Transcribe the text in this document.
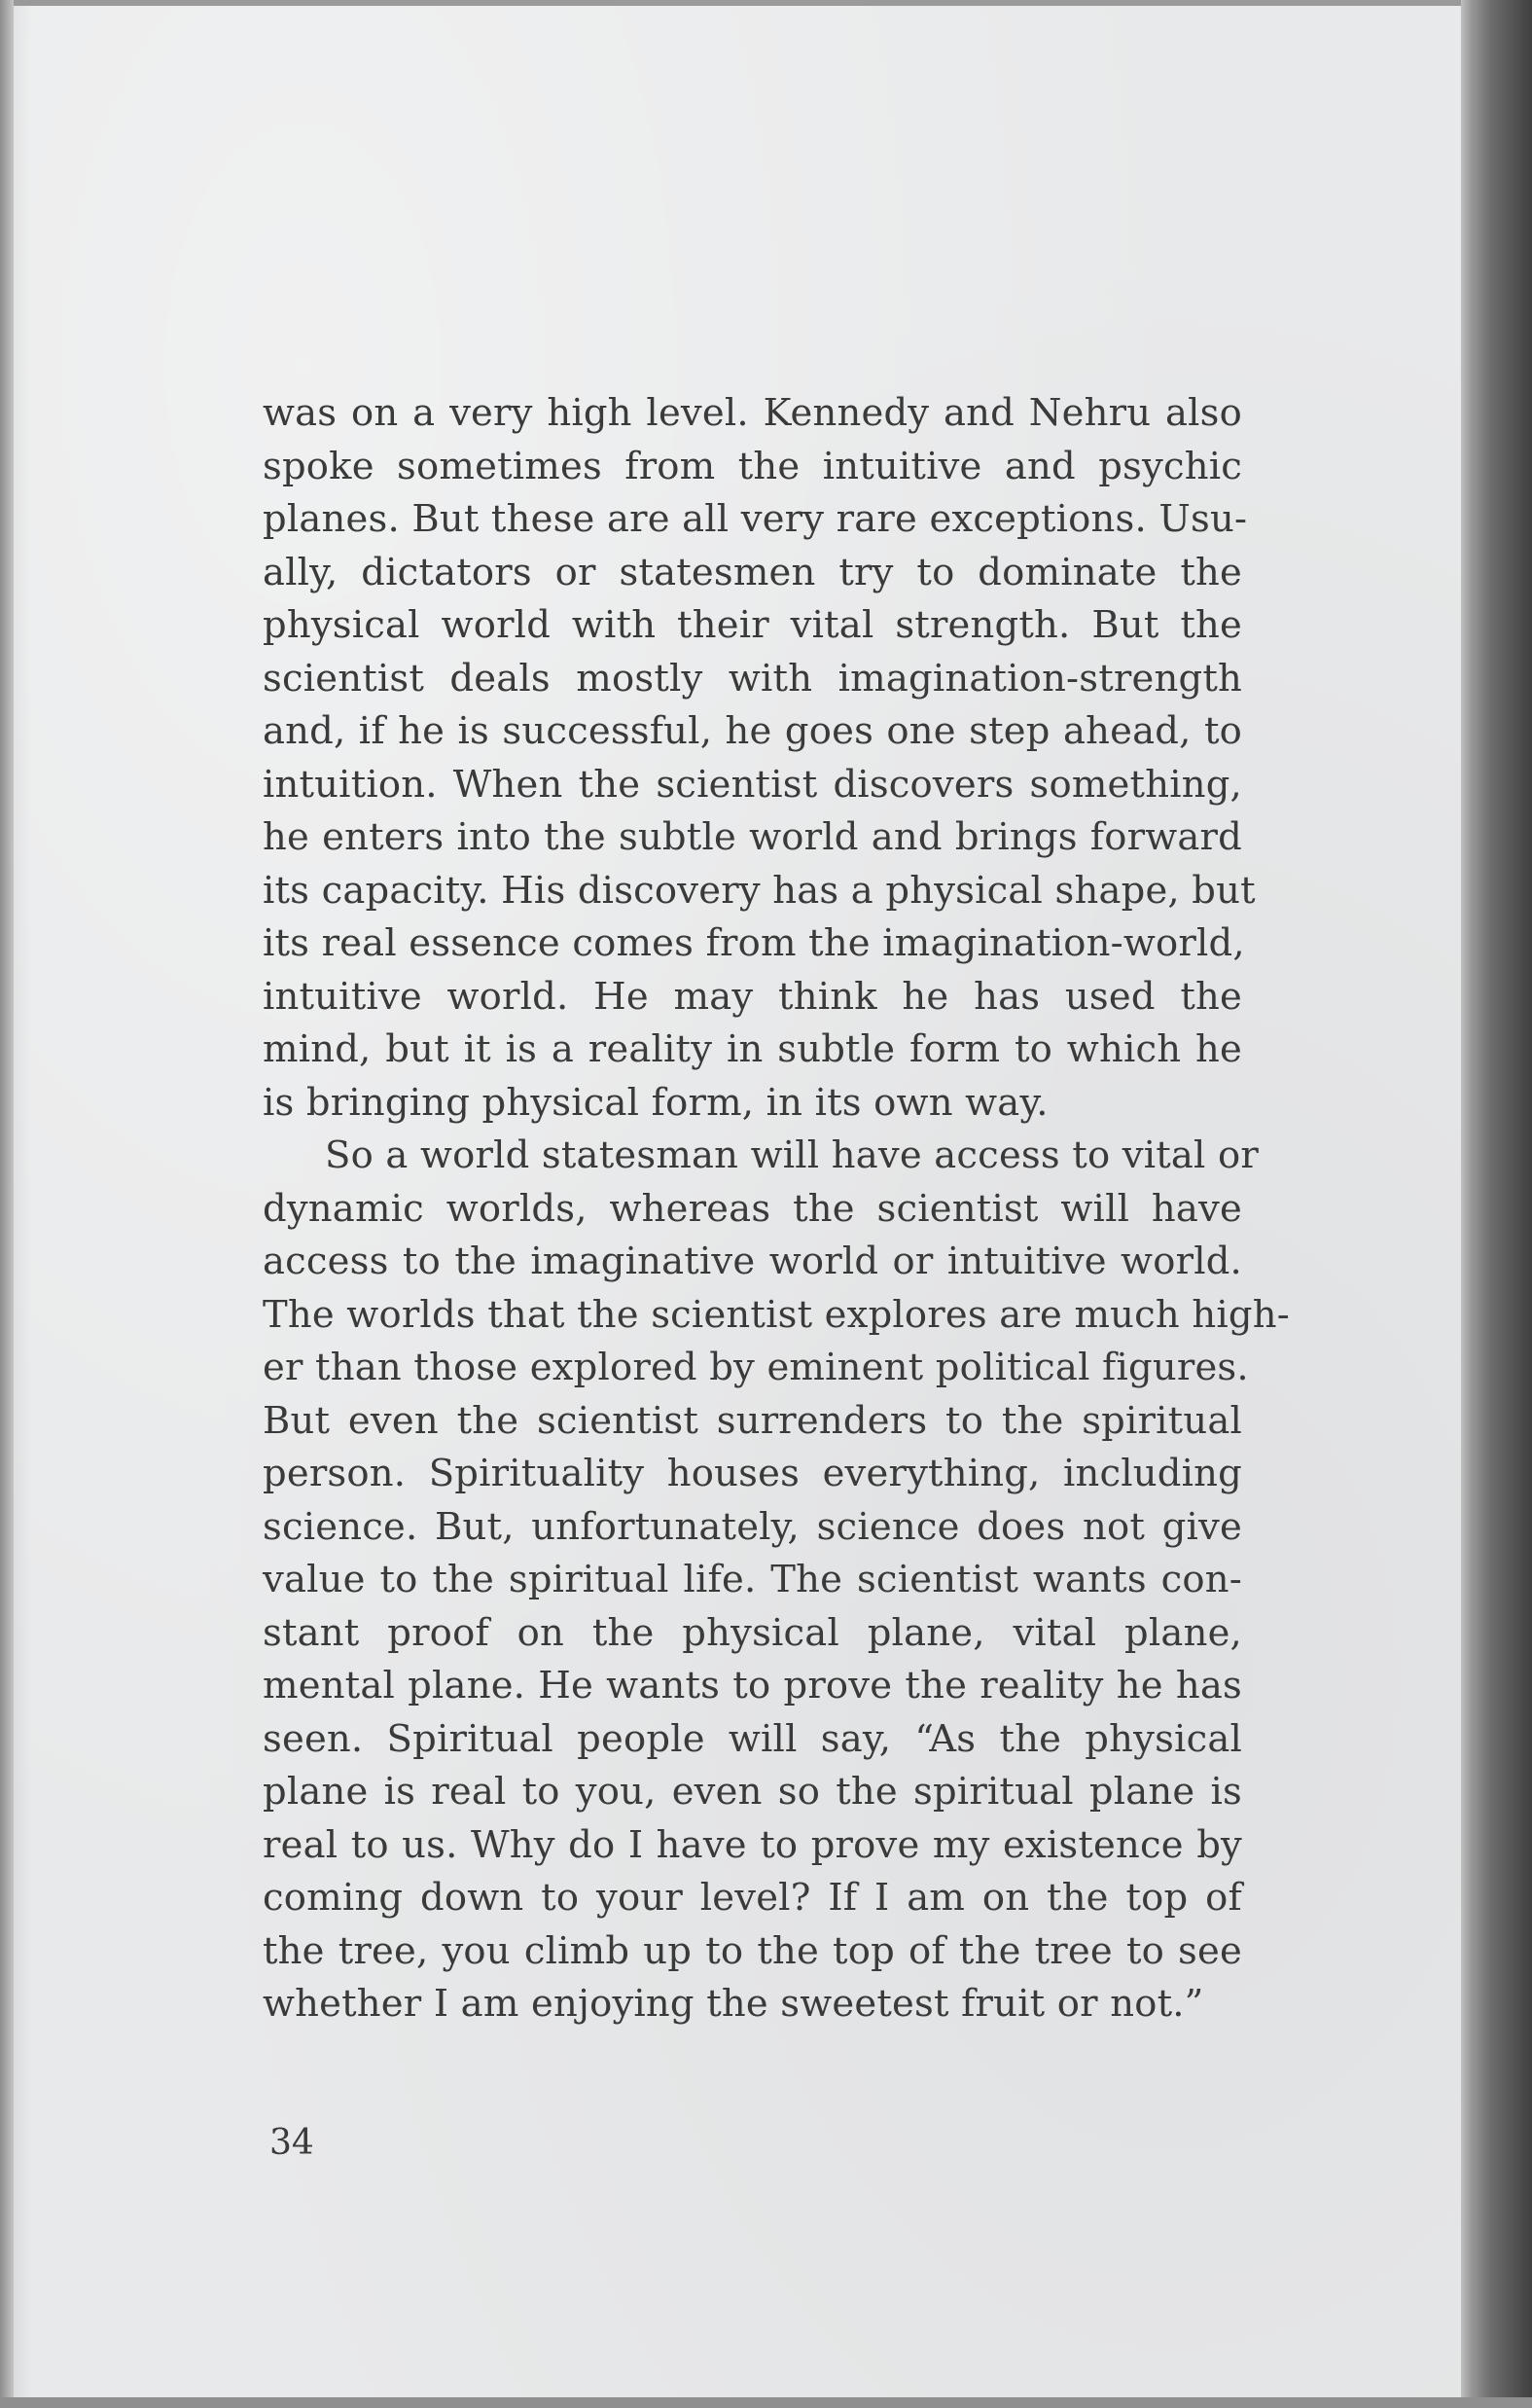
was on a very high level. Kennedy and Nehru also
spoke sometimes from the intuitive and psychic
planes. But these are all very rare exceptions. Usu-
ally, dictators or statesmen try to dominate the
physical world with their vital strength. But the
scientist deals mostly with imagination-strength
and, if he is successful, he goes one step ahead, to
intuition. When the scientist discovers something,
he enters into the subtle world and brings forward
its capacity. His discovery has a physical shape, but
its real essence comes from the imagination-world,
intuitive world. He may think he has used the
mind, but it is a reality in subtle form to which he
is bringing physical form, in its own way.
So a world statesman will have access to vital or
dynamic worlds, whereas the scientist will have
access to the imaginative world or intuitive world.
The worlds that the scientist explores are much high-
er than those explored by eminent political figures.
But even the scientist surrenders to the spiritual
person. Spirituality houses everything, including
science. But, unfortunately, science does not give
value to the spiritual life. The scientist wants con-
stant proof on the physical plane, vital plane,
mental plane. He wants to prove the reality he has
seen. Spiritual people will say, “As the physical
plane is real to you, even so the spiritual plane is
real to us. Why do I have to prove my existence by
coming down to your level? If I am on the top of
the tree, you climb up to the top of the tree to see
whether I am enjoying the sweetest fruit or not.”
34
